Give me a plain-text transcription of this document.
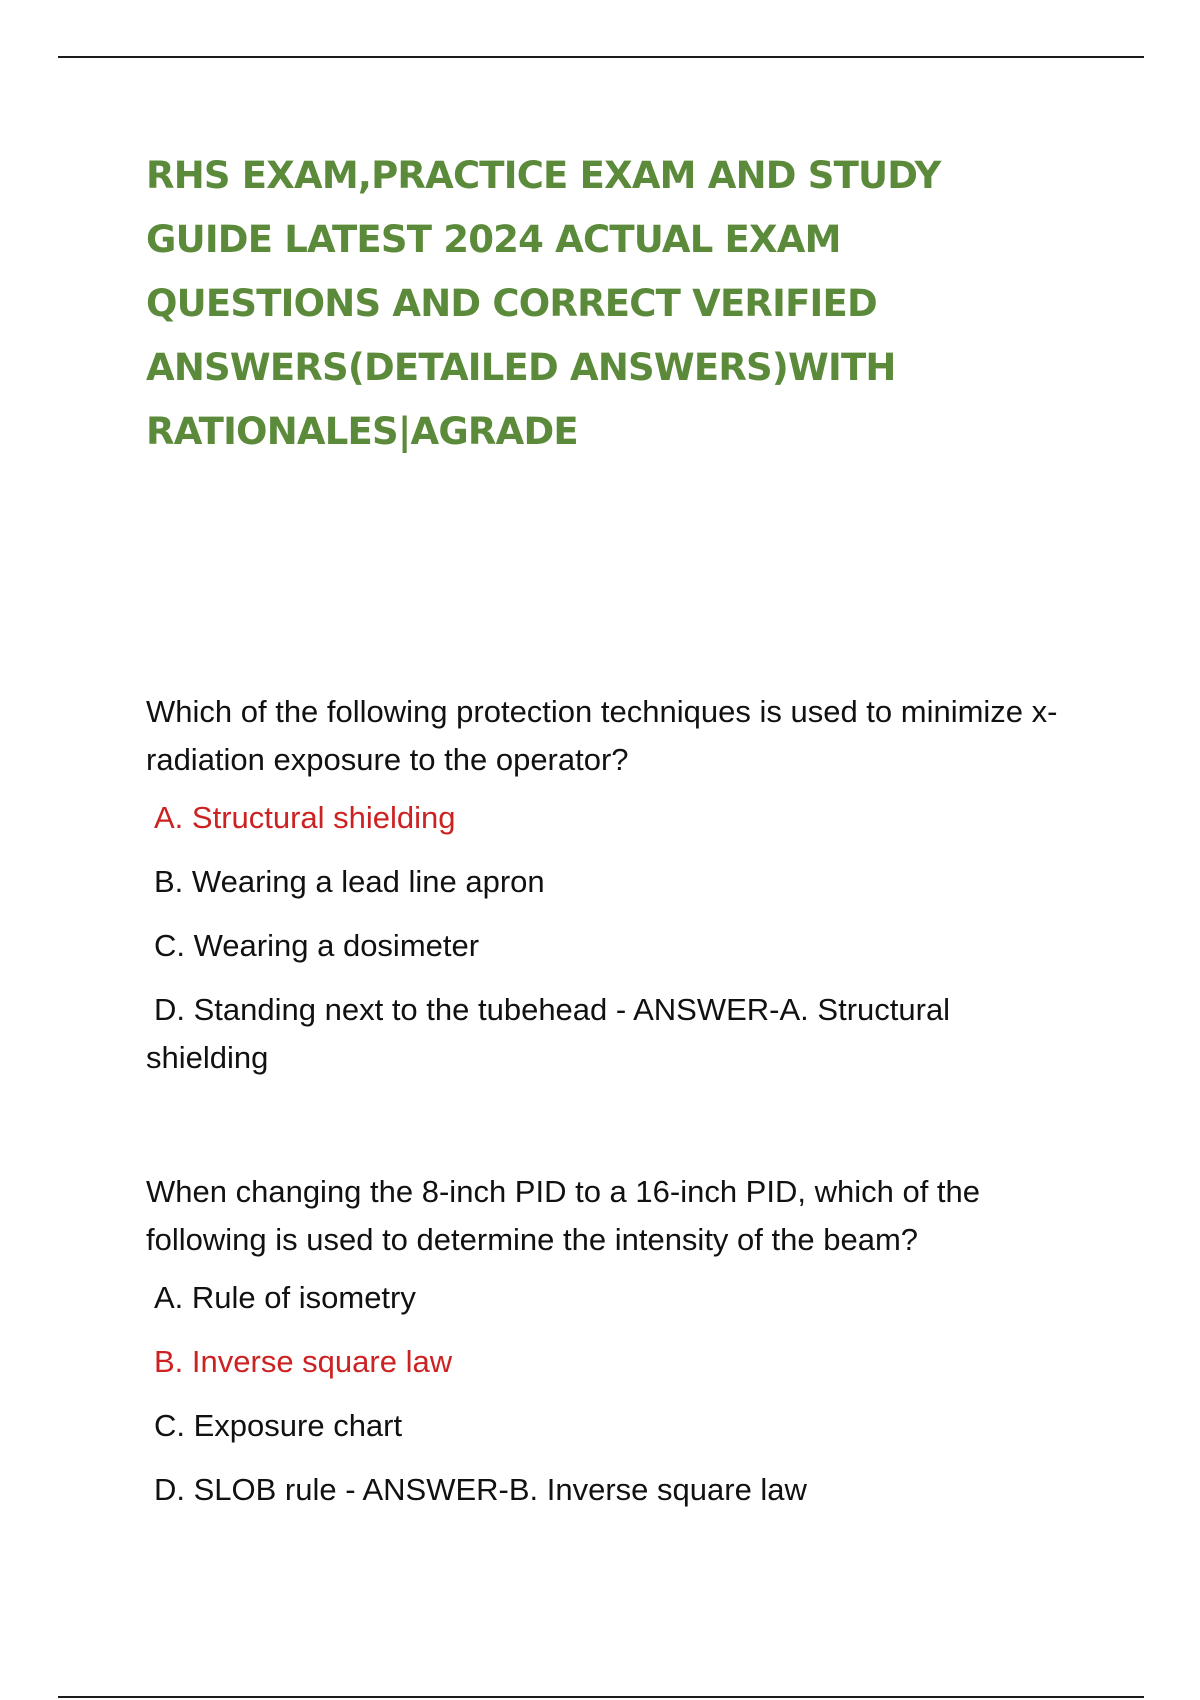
RHS EXAM,PRACTICE EXAM AND STUDY GUIDE LATEST 2024 ACTUAL EXAM QUESTIONS AND CORRECT VERIFIED ANSWERS(DETAILED ANSWERS)WITH RATIONALES|AGRADE

Which of the following protection techniques is used to minimize x-radiation exposure to the operator?

A. Structural shielding
B. Wearing a lead line apron
C. Wearing a dosimeter
D. Standing next to the tubehead - ANSWER-A. Structural shielding

When changing the 8-inch PID to a 16-inch PID, which of the following is used to determine the intensity of the beam?

A. Rule of isometry
B. Inverse square law
C. Exposure chart
D. SLOB rule - ANSWER-B. Inverse square law
